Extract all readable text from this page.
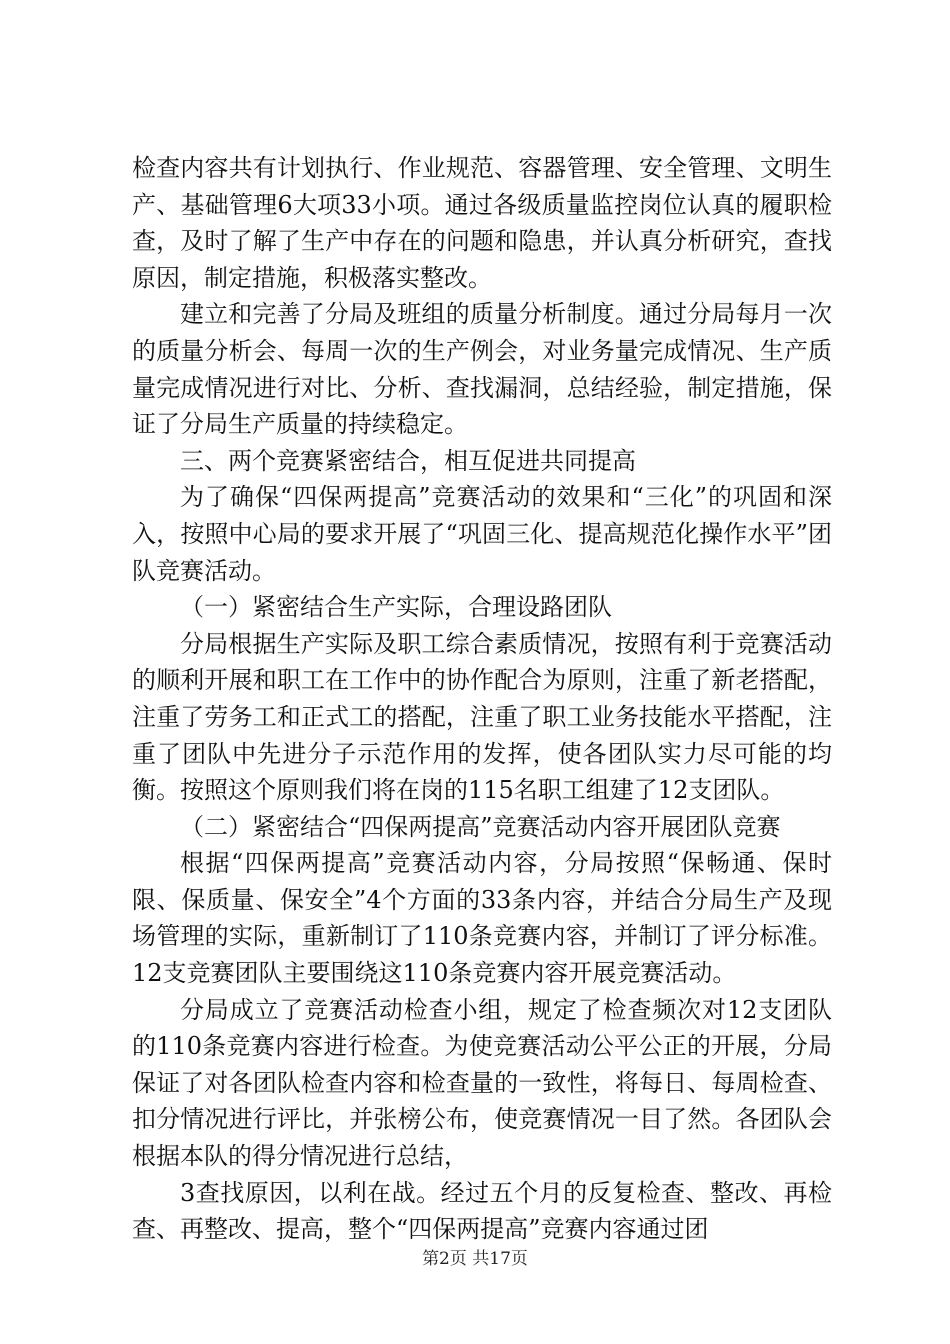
检查内容共有计划执行、作业规范、容器管理、安全管理、文明生产、基础管理6大项33小项。通过各级质量监控岗位认真的履职检查，及时了解了生产中存在的问题和隐患，并认真分析研究，查找原因，制定措施，积极落实整改。

建立和完善了分局及班组的质量分析制度。通过分局每月一次的质量分析会、每周一次的生产例会，对业务量完成情况、生产质量完成情况进行对比、分析、查找漏洞，总结经验，制定措施，保证了分局生产质量的持续稳定。

三、两个竞赛紧密结合，相互促进共同提高

为了确保“四保两提高”竞赛活动的效果和“三化”的巩固和深入，按照中心局的要求开展了“巩固三化、提高规范化操作水平”团队竞赛活动。

（一）紧密结合生产实际，合理设路团队

分局根据生产实际及职工综合素质情况，按照有利于竞赛活动的顺利开展和职工在工作中的协作配合为原则，注重了新老搭配，注重了劳务工和正式工的搭配，注重了职工业务技能水平搭配，注重了团队中先进分子示范作用的发挥，使各团队实力尽可能的均衡。按照这个原则我们将在岗的115名职工组建了12支团队。

（二）紧密结合“四保两提高”竞赛活动内容开展团队竞赛

根据“四保两提高”竞赛活动内容，分局按照“保畅通、保时限、保质量、保安全”4个方面的33条内容，并结合分局生产及现场管理的实际，重新制订了110条竞赛内容，并制订了评分标准。12支竞赛团队主要围绕这110条竞赛内容开展竞赛活动。

分局成立了竞赛活动检查小组，规定了检查频次对12支团队的110条竞赛内容进行检查。为使竞赛活动公平公正的开展，分局保证了对各团队检查内容和检查量的一致性，将每日、每周检查、扣分情况进行评比，并张榜公布，使竞赛情况一目了然。各团队会根据本队的得分情况进行总结，

3查找原因，以利在战。经过五个月的反复检查、整改、再检查、再整改、提高，整个“四保两提高”竞赛内容通过团

第2页 共17页
